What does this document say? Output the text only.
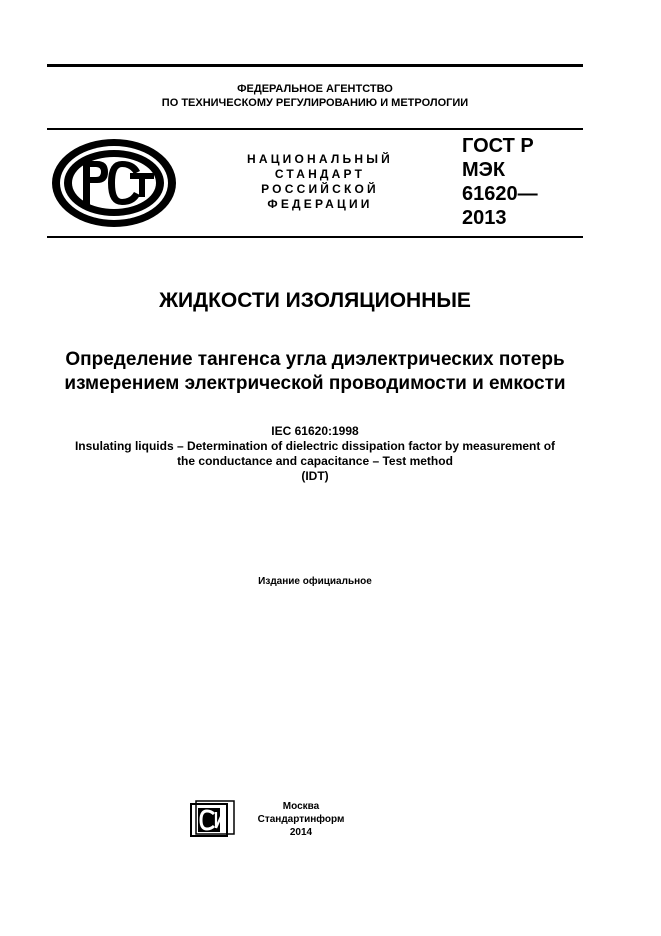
ФЕДЕРАЛЬНОЕ АГЕНТСТВО
ПО ТЕХНИЧЕСКОМУ РЕГУЛИРОВАНИЮ И МЕТРОЛОГИИ
НАЦИОНАЛЬНЫЙ
СТАНДАРТ
РОССИЙСКОЙ
ФЕДЕРАЦИИ
ГОСТ Р
МЭК
61620—
2013
ЖИДКОСТИ ИЗОЛЯЦИОННЫЕ
Определение тангенса угла диэлектрических потерь
измерением электрической проводимости и емкости
IEC 61620:1998
Insulating liquids – Determination of dielectric dissipation factor by measurement of
the conductance and capacitance – Test method
(IDT)
Издание официальное
Москва
Стандартинформ
2014
